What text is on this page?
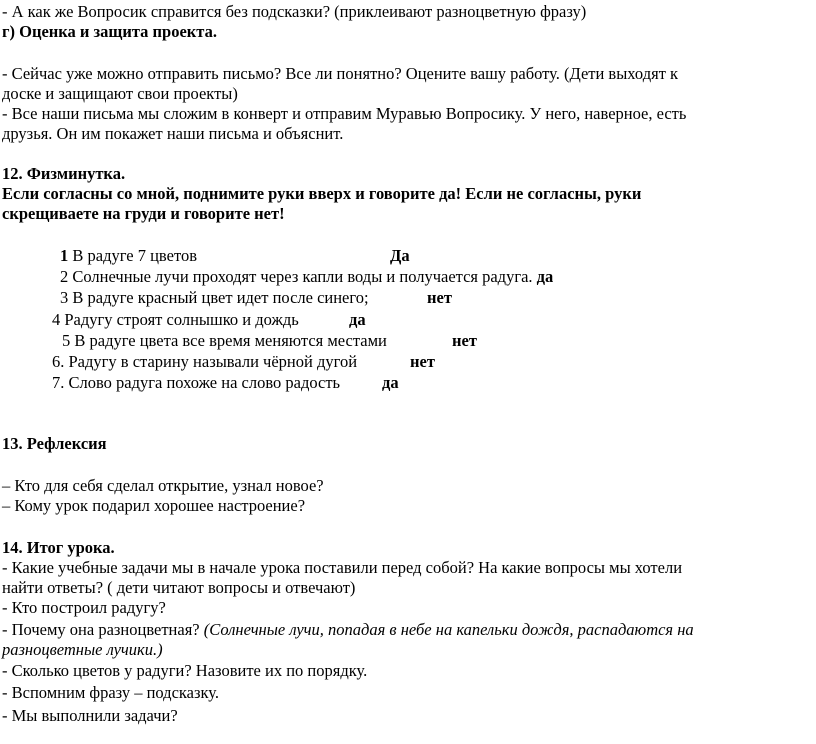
- А как же Вопросик справится без подсказки? (приклеивают разноцветную фразу)
г) Оценка и защита проекта.
- Сейчас уже можно отправить письмо? Все ли понятно? Оцените вашу работу. (Дети выходят к
доске и защищают свои проекты)
- Все наши письма мы сложим в конверт и отправим Муравью Вопросику. У него, наверное, есть
друзья. Он им покажет наши письма и объяснит.
12. Физминутка.
Если согласны со мной, поднимите руки вверх и говорите да! Если не согласны, руки
скрещиваете на груди и говорите нет!
1 В радуге 7 цветов	Да
2 Солнечные лучи проходят через капли воды и получается радуга. да
3 В радуге красный цвет идет после синего;	нет
4 Радугу строят солнышко и дождь	да
5 В радуге цвета все время меняются местами	нет
6. Радугу в старину называли чёрной дугой	нет
7. Слово радуга похоже на слово радость	да
13. Рефлексия
– Кто для себя сделал открытие, узнал новое?
– Кому урок подарил хорошее настроение?
14. Итог урока.
- Какие учебные задачи мы в начале урока поставили перед собой? На какие вопросы мы хотели
найти ответы? ( дети читают вопросы и отвечают)
- Кто построил радугу?
- Почему она разноцветная? (Солнечные лучи, попадая в небе на капельки дождя, распадаются на
разноцветные лучики.)
- Сколько цветов у радуги? Назовите их по порядку.
- Вспомним фразу – подсказку.
- Мы выполнили задачи?
